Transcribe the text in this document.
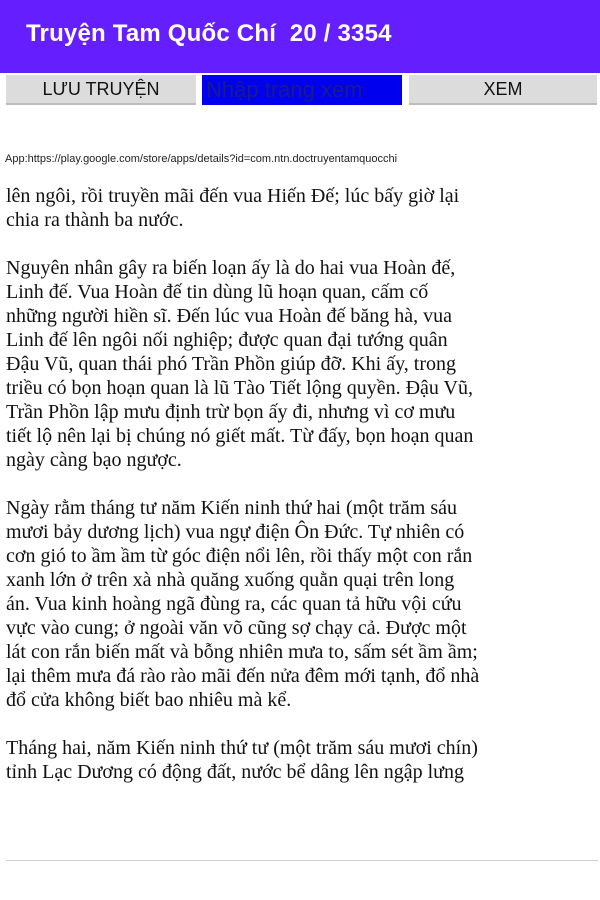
Truyện Tam Quốc Chí  20 / 3354
LƯU TRUYỆN
Nhập trang xem	XEM
App:https://play.google.com/store/apps/details?id=com.ntn.doctruyentamquocchi

lên ngôi, rồi truyền mãi đến vua Hiến Đế; lúc bấy giờ lại
chia ra thành ba nước.

Nguyên nhân gây ra biến loạn ấy là do hai vua Hoàn đế,
Linh đế. Vua Hoàn đế tin dùng lũ hoạn quan, cấm cố
những người hiền sĩ. Đến lúc vua Hoàn đế băng hà, vua
Linh đế lên ngôi nối nghiệp; được quan đại tướng quân
Đậu Vũ, quan thái phó Trần Phồn giúp đỡ. Khi ấy, trong
triều có bọn hoạn quan là lũ Tào Tiết lộng quyền. Đậu Vũ,
Trần Phồn lập mưu định trừ bọn ấy đi, nhưng vì cơ mưu
tiết lộ nên lại bị chúng nó giết mất. Từ đấy, bọn hoạn quan
ngày càng bạo ngược.

Ngày rằm tháng tư năm Kiến ninh thứ hai (một trăm sáu
mươi bảy dương lịch) vua ngự điện Ôn Đức. Tự nhiên có
cơn gió to ầm ầm từ góc điện nổi lên, rồi thấy một con rắn
xanh lớn ở trên xà nhà quăng xuống quằn quại trên long
án. Vua kinh hoàng ngã đùng ra, các quan tả hữu vội cứu
vực vào cung; ở ngoài văn võ cũng sợ chạy cả. Được một
lát con rắn biến mất và bỗng nhiên mưa to, sấm sét ầm ầm;
lại thêm mưa đá rào rào mãi đến nửa đêm mới tạnh, đổ nhà
đổ cửa không biết bao nhiêu mà kể.

Tháng hai, năm Kiến ninh thứ tư (một trăm sáu mươi chín)
tỉnh Lạc Dương có động đất, nước bể dâng lên ngập lưng
